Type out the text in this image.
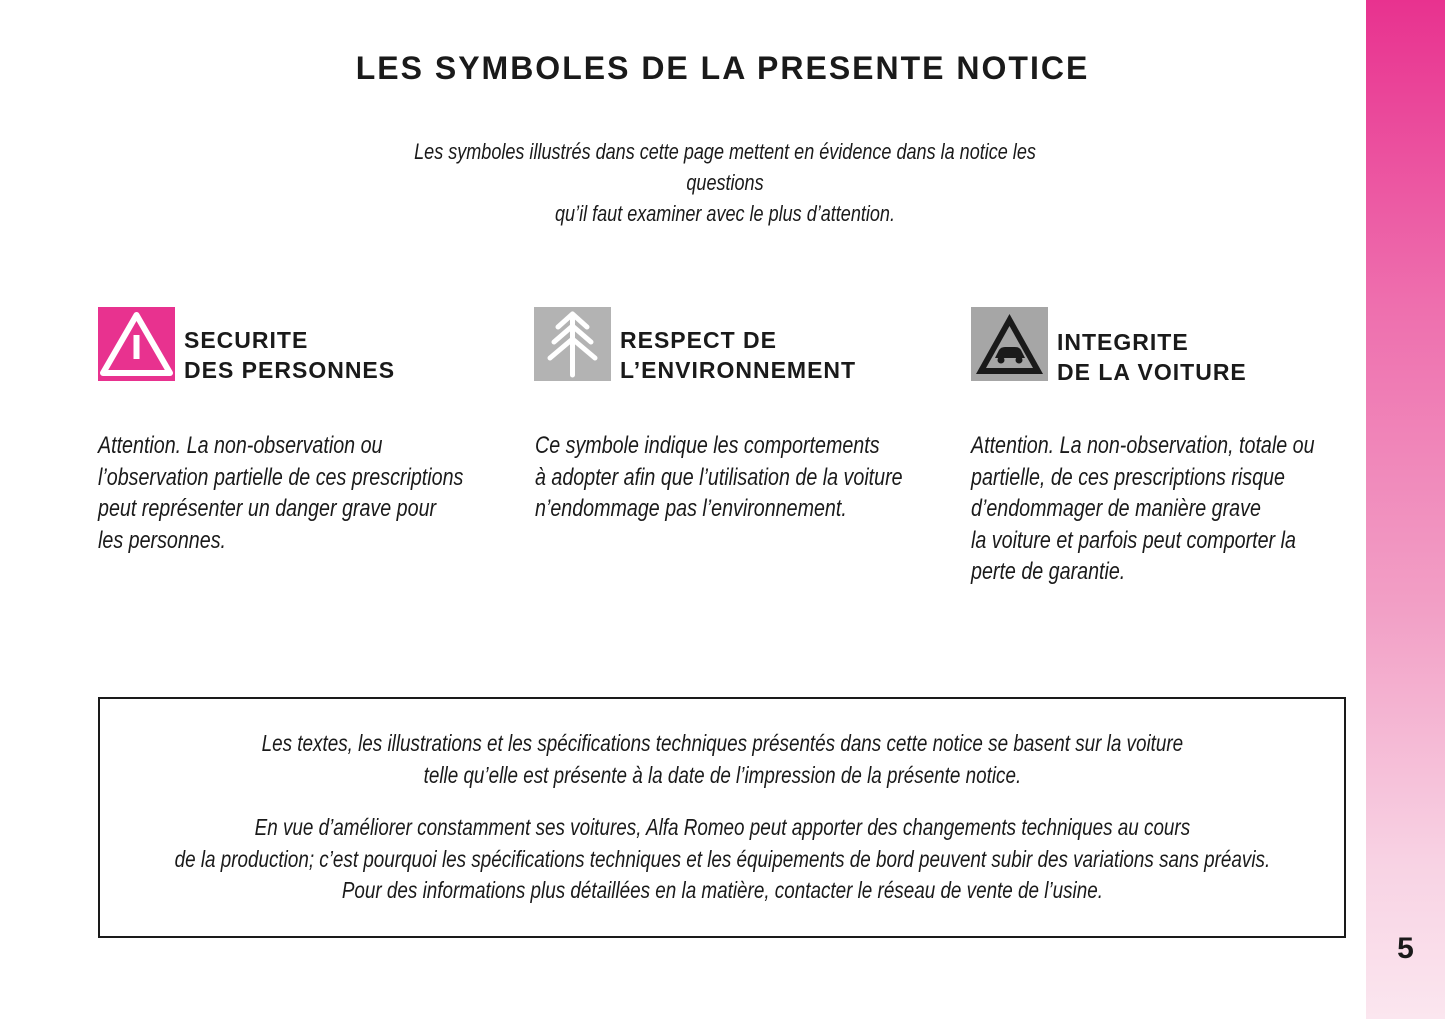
5
LES SYMBOLES DE LA PRESENTE NOTICE
Les symboles illustrés dans cette page mettent en évidence dans la notice les questions
qu’il faut examiner avec le plus d’attention.
SECURITE
DES PERSONNES
Attention. La non-observation ou
l’observation partielle de ces prescriptions
peut représenter un danger grave pour
les personnes.
RESPECT DE
L’ENVIRONNEMENT
Ce symbole indique les comportements
à adopter afin que l’utilisation de la voiture
n’endommage pas l’environnement.
INTEGRITE
DE LA VOITURE
Attention. La non-observation, totale ou
partielle, de ces prescriptions risque
d’endommager de manière grave
la voiture et parfois peut comporter la
perte de garantie.
Les textes, les illustrations et les spécifications techniques présentés dans cette notice se basent sur la voiture
telle qu’elle est présente à la date de l’impression de la présente notice.
En vue d’améliorer constamment ses voitures, Alfa Romeo peut apporter des changements techniques au cours
de la production; c’est pourquoi les spécifications techniques et les équipements de bord peuvent subir des variations sans préavis.
Pour des informations plus détaillées en la matière, contacter le réseau de vente de l’usine.
